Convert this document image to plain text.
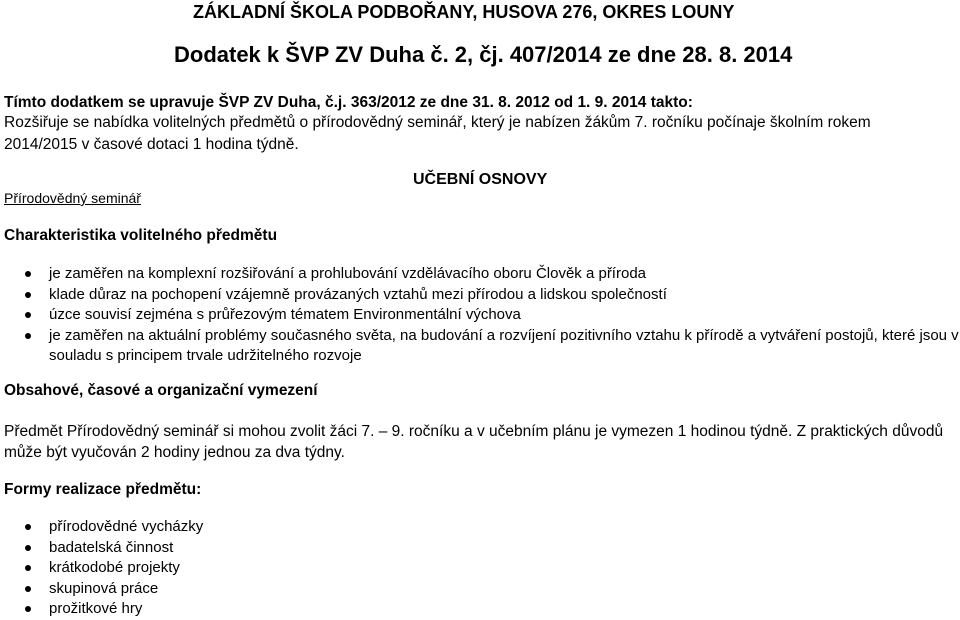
ZÁKLADNÍ ŠKOLA PODBOŘANY, HUSOVA 276, OKRES LOUNY
Dodatek k ŠVP ZV Duha č. 2, čj. 407/2014 ze dne 28. 8. 2014
Tímto dodatkem se upravuje ŠVP ZV Duha, č.j. 363/2012 ze dne 31. 8. 2012 od 1. 9. 2014 takto:
Rozšiřuje se nabídka volitelných předmětů o přírodovědný seminář, který je nabízen žákům 7. ročníku počínaje školním rokem
2014/2015 v časové dotaci 1 hodina týdně.
Přírodovědný seminář
UČEBNÍ OSNOVY
Charakteristika volitelného předmětu
je zaměřen na komplexní rozšiřování a prohlubování vzdělávacího oboru Člověk a příroda
klade důraz na pochopení vzájemně provázaných vztahů mezi přírodou a lidskou společností
úzce souvisí zejména s průřezovým tématem Environmentální výchova
je zaměřen na aktuální problémy současného světa, na budování a rozvíjení pozitivního vztahu k přírodě a vytváření postojů, které jsou v souladu s principem trvale udržitelného rozvoje
Obsahové, časové a organizační vymezení
Předmět Přírodovědný seminář si mohou zvolit žáci 7. – 9. ročníku a v učebním plánu je vymezen 1 hodinou týdně. Z praktických důvodů může být vyučován 2 hodiny jednou za dva týdny.
Formy realizace předmětu:
přírodovědné vycházky
badatelská činnost
krátkodobé projekty
skupinová práce
prožitkové hry
